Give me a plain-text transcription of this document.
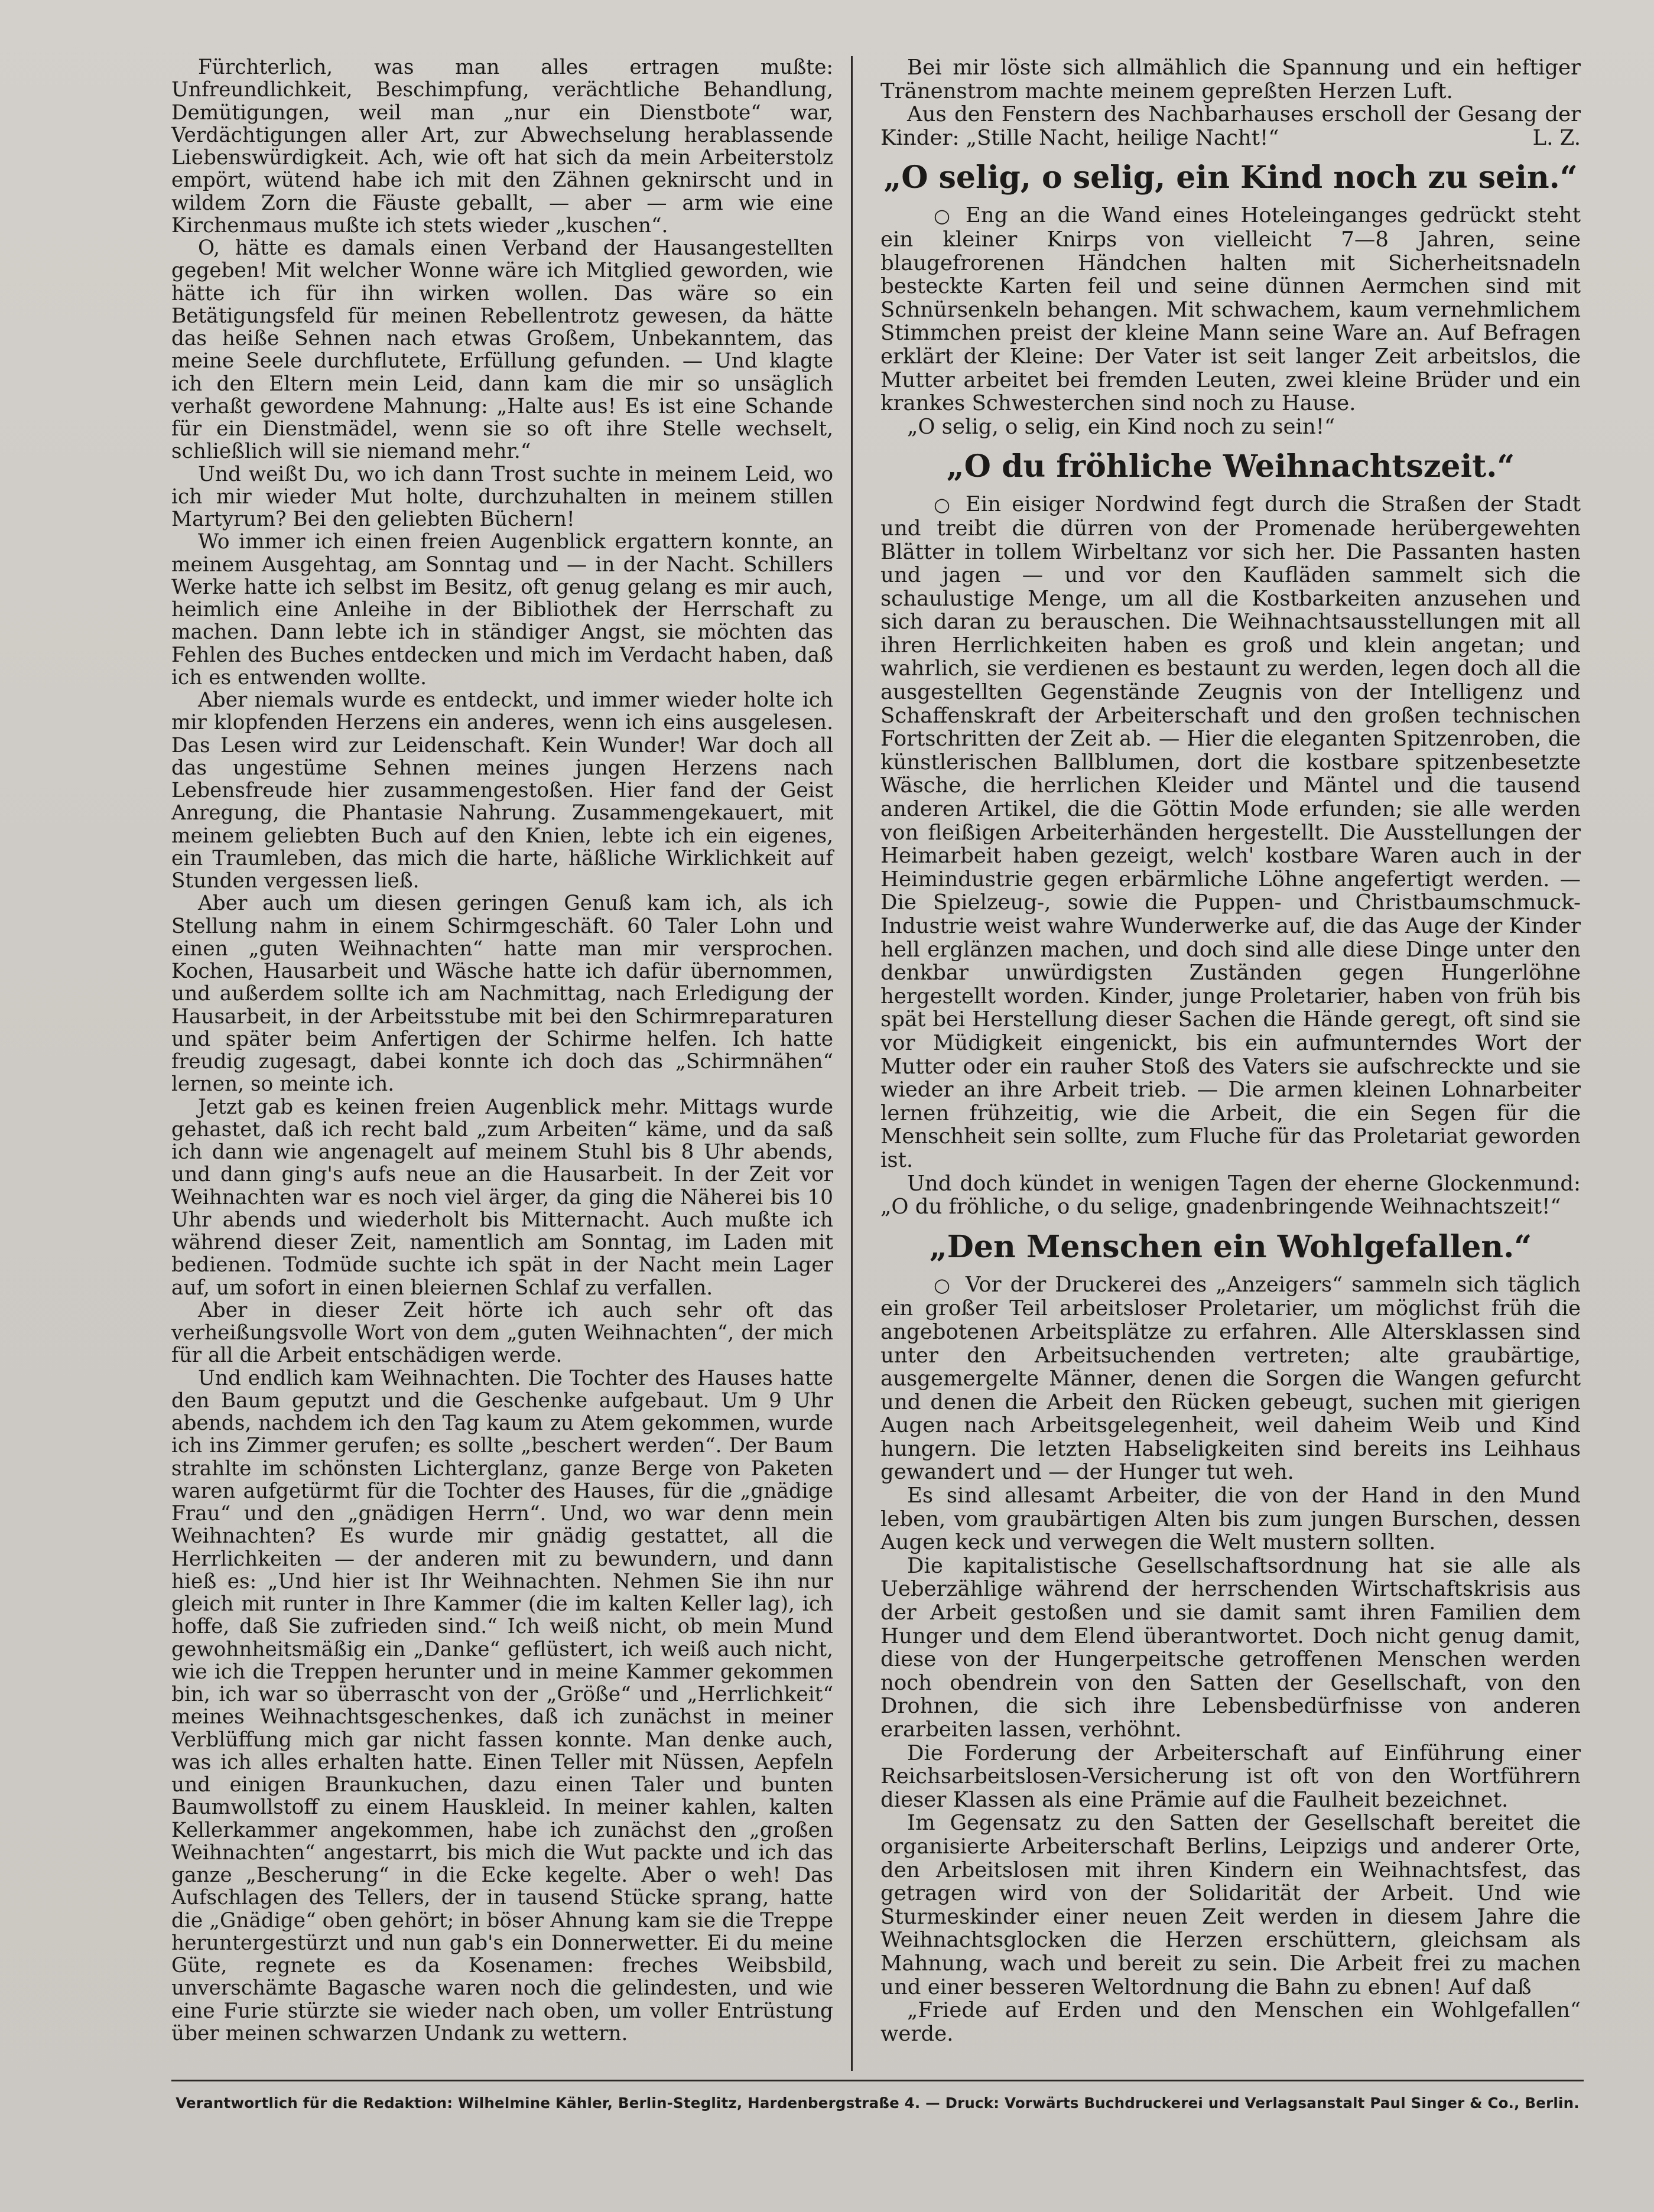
Fürchterlich, was man alles ertragen mußte: Unfreundlichkeit, Beschimpfung, verächtliche Behandlung, Demütigungen, weil man „nur ein Dienstbote“ war, Verdächtigungen aller Art, zur Abwechselung herablassende Liebenswürdigkeit. Ach, wie oft hat sich da mein Arbeiterstolz empört, wütend habe ich mit den Zähnen geknirscht und in wildem Zorn die Fäuste geballt, — aber — arm wie eine Kirchenmaus mußte ich stets wieder „kuschen“.

O, hätte es damals einen Verband der Hausangestellten gegeben! Mit welcher Wonne wäre ich Mitglied geworden, wie hätte ich für ihn wirken wollen. Das wäre so ein Betätigungsfeld für meinen Rebellentrotz gewesen, da hätte das heiße Sehnen nach etwas Großem, Unbekanntem, das meine Seele durchflutete, Erfüllung gefunden. — Und klagte ich den Eltern mein Leid, dann kam die mir so unsäglich verhaßt gewordene Mahnung: „Halte aus! Es ist eine Schande für ein Dienstmädel, wenn sie so oft ihre Stelle wechselt, schließlich will sie niemand mehr.“

Und weißt Du, wo ich dann Trost suchte in meinem Leid, wo ich mir wieder Mut holte, durchzuhalten in meinem stillen Martyrum? Bei den geliebten Büchern!

Wo immer ich einen freien Augenblick ergattern konnte, an meinem Ausgehtag, am Sonntag und — in der Nacht. Schillers Werke hatte ich selbst im Besitz, oft genug gelang es mir auch, heimlich eine Anleihe in der Bibliothek der Herrschaft zu machen. Dann lebte ich in ständiger Angst, sie möchten das Fehlen des Buches entdecken und mich im Verdacht haben, daß ich es entwenden wollte.

Aber niemals wurde es entdeckt, und immer wieder holte ich mir klopfenden Herzens ein anderes, wenn ich eins ausgelesen. Das Lesen wird zur Leidenschaft. Kein Wunder! War doch all das ungestüme Sehnen meines jungen Herzens nach Lebensfreude hier zusammengestoßen. Hier fand der Geist Anregung, die Phantasie Nahrung. Zusammengekauert, mit meinem geliebten Buch auf den Knien, lebte ich ein eigenes, ein Traumleben, das mich die harte, häßliche Wirklichkeit auf Stunden vergessen ließ.

Aber auch um diesen geringen Genuß kam ich, als ich Stellung nahm in einem Schirmgeschäft. 60 Taler Lohn und einen „guten Weihnachten“ hatte man mir versprochen. Kochen, Hausarbeit und Wäsche hatte ich dafür übernommen, und außerdem sollte ich am Nachmittag, nach Erledigung der Hausarbeit, in der Arbeitsstube mit bei den Schirmreparaturen und später beim Anfertigen der Schirme helfen. Ich hatte freudig zugesagt, dabei konnte ich doch das „Schirmnähen“ lernen, so meinte ich.

Jetzt gab es keinen freien Augenblick mehr. Mittags wurde gehastet, daß ich recht bald „zum Arbeiten“ käme, und da saß ich dann wie angenagelt auf meinem Stuhl bis 8 Uhr abends, und dann ging's aufs neue an die Hausarbeit. In der Zeit vor Weihnachten war es noch viel ärger, da ging die Näherei bis 10 Uhr abends und wiederholt bis Mitternacht. Auch mußte ich während dieser Zeit, namentlich am Sonntag, im Laden mit bedienen. Todmüde suchte ich spät in der Nacht mein Lager auf, um sofort in einen bleiernen Schlaf zu verfallen.

Aber in dieser Zeit hörte ich auch sehr oft das verheißungsvolle Wort von dem „guten Weihnachten“, der mich für all die Arbeit entschädigen werde.

Und endlich kam Weihnachten. Die Tochter des Hauses hatte den Baum geputzt und die Geschenke aufgebaut. Um 9 Uhr abends, nachdem ich den Tag kaum zu Atem gekommen, wurde ich ins Zimmer gerufen; es sollte „beschert werden“. Der Baum strahlte im schönsten Lichterglanz, ganze Berge von Paketen waren aufgetürmt für die Tochter des Hauses, für die „gnädige Frau“ und den „gnädigen Herrn“. Und, wo war denn mein Weihnachten? Es wurde mir gnädig gestattet, all die Herrlichkeiten — der anderen mit zu bewundern, und dann hieß es: „Und hier ist Ihr Weihnachten. Nehmen Sie ihn nur gleich mit runter in Ihre Kammer (die im kalten Keller lag), ich hoffe, daß Sie zufrieden sind.“ Ich weiß nicht, ob mein Mund gewohnheitsmäßig ein „Danke“ geflüstert, ich weiß auch nicht, wie ich die Treppen herunter und in meine Kammer gekommen bin, ich war so überrascht von der „Größe“ und „Herrlichkeit“ meines Weihnachtsgeschenkes, daß ich zunächst in meiner Verblüffung mich gar nicht fassen konnte. Man denke auch, was ich alles erhalten hatte. Einen Teller mit Nüssen, Aepfeln und einigen Braunkuchen, dazu einen Taler und bunten Baumwollstoff zu einem Hauskleid. In meiner kahlen, kalten Kellerkammer angekommen, habe ich zunächst den „großen Weihnachten“ angestarrt, bis mich die Wut packte und ich das ganze „Bescherung“ in die Ecke kegelte. Aber o weh! Das Aufschlagen des Tellers, der in tausend Stücke sprang, hatte die „Gnädige“ oben gehört; in böser Ahnung kam sie die Treppe heruntergestürzt und nun gab's ein Donnerwetter. Ei du meine Güte, regnete es da Kosenamen: freches Weibsbild, unverschämte Bagasche waren noch die gelindesten, und wie eine Furie stürzte sie wieder nach oben, um voller Entrüstung über meinen schwarzen Undank zu wettern.

Bei mir löste sich allmählich die Spannung und ein heftiger Tränenstrom machte meinem gepreßten Herzen Luft.

Aus den Fenstern des Nachbarhauses erscholl der Gesang der Kinder: „Stille Nacht, heilige Nacht!“	L. Z.

„O selig, o selig, ein Kind noch zu sein.“

○ Eng an die Wand eines Hoteleinganges gedrückt steht ein kleiner Knirps von vielleicht 7—8 Jahren, seine blaugefrorenen Händchen halten mit Sicherheitsnadeln besteckte Karten feil und seine dünnen Aermchen sind mit Schnürsenkeln behangen. Mit schwachem, kaum vernehmlichem Stimmchen preist der kleine Mann seine Ware an. Auf Befragen erklärt der Kleine: Der Vater ist seit langer Zeit arbeitslos, die Mutter arbeitet bei fremden Leuten, zwei kleine Brüder und ein krankes Schwesterchen sind noch zu Hause.

„O selig, o selig, ein Kind noch zu sein!“

„O du fröhliche Weihnachtszeit.“

○ Ein eisiger Nordwind fegt durch die Straßen der Stadt und treibt die dürren von der Promenade herübergewehten Blätter in tollem Wirbeltanz vor sich her. Die Passanten hasten und jagen — und vor den Kaufläden sammelt sich die schaulustige Menge, um all die Kostbarkeiten anzusehen und sich daran zu berauschen. Die Weihnachtsausstellungen mit all ihren Herrlichkeiten haben es groß und klein angetan; und wahrlich, sie verdienen es bestaunt zu werden, legen doch all die ausgestellten Gegenstände Zeugnis von der Intelligenz und Schaffenskraft der Arbeiterschaft und den großen technischen Fortschritten der Zeit ab. — Hier die eleganten Spitzenroben, die künstlerischen Ballblumen, dort die kostbare spitzenbesetzte Wäsche, die herrlichen Kleider und Mäntel und die tausend anderen Artikel, die die Göttin Mode erfunden; sie alle werden von fleißigen Arbeiterhänden hergestellt. Die Ausstellungen der Heimarbeit haben gezeigt, welch' kostbare Waren auch in der Heimindustrie gegen erbärmliche Löhne angefertigt werden. — Die Spielzeug-, sowie die Puppen- und Christbaumschmuck-Industrie weist wahre Wunderwerke auf, die das Auge der Kinder hell erglänzen machen, und doch sind alle diese Dinge unter den denkbar unwürdigsten Zuständen gegen Hungerlöhne hergestellt worden. Kinder, junge Proletarier, haben von früh bis spät bei Herstellung dieser Sachen die Hände geregt, oft sind sie vor Müdigkeit eingenickt, bis ein aufmunterndes Wort der Mutter oder ein rauher Stoß des Vaters sie aufschreckte und sie wieder an ihre Arbeit trieb. — Die armen kleinen Lohnarbeiter lernen frühzeitig, wie die Arbeit, die ein Segen für die Menschheit sein sollte, zum Fluche für das Proletariat geworden ist.

Und doch kündet in wenigen Tagen der eherne Glockenmund: „O du fröhliche, o du selige, gnadenbringende Weihnachtszeit!“

„Den Menschen ein Wohlgefallen.“

○ Vor der Druckerei des „Anzeigers“ sammeln sich täglich ein großer Teil arbeitsloser Proletarier, um möglichst früh die angebotenen Arbeitsplätze zu erfahren. Alle Altersklassen sind unter den Arbeitsuchenden vertreten; alte graubärtige, ausgemergelte Männer, denen die Sorgen die Wangen gefurcht und denen die Arbeit den Rücken gebeugt, suchen mit gierigen Augen nach Arbeitsgelegenheit, weil daheim Weib und Kind hungern. Die letzten Habseligkeiten sind bereits ins Leihhaus gewandert und — der Hunger tut weh.

Es sind allesamt Arbeiter, die von der Hand in den Mund leben, vom graubärtigen Alten bis zum jungen Burschen, dessen Augen keck und verwegen die Welt mustern sollten.

Die kapitalistische Gesellschaftsordnung hat sie alle als Ueberzählige während der herrschenden Wirtschaftskrisis aus der Arbeit gestoßen und sie damit samt ihren Familien dem Hunger und dem Elend überantwortet. Doch nicht genug damit, diese von der Hungerpeitsche getroffenen Menschen werden noch obendrein von den Satten der Gesellschaft, von den Drohnen, die sich ihre Lebensbedürfnisse von anderen erarbeiten lassen, verhöhnt.

Die Forderung der Arbeiterschaft auf Einführung einer Reichsarbeitslosen-Versicherung ist oft von den Wortführern dieser Klassen als eine Prämie auf die Faulheit bezeichnet.

Im Gegensatz zu den Satten der Gesellschaft bereitet die organisierte Arbeiterschaft Berlins, Leipzigs und anderer Orte, den Arbeitslosen mit ihren Kindern ein Weihnachtsfest, das getragen wird von der Solidarität der Arbeit. Und wie Sturmeskinder einer neuen Zeit werden in diesem Jahre die Weihnachtsglocken die Herzen erschüttern, gleichsam als Mahnung, wach und bereit zu sein. Die Arbeit frei zu machen und einer besseren Weltordnung die Bahn zu ebnen! Auf daß

„Friede auf Erden und den Menschen ein Wohlgefallen“ werde.

Verantwortlich für die Redaktion: Wilhelmine Kähler, Berlin-Steglitz, Hardenbergstraße 4. — Druck: Vorwärts Buchdruckerei und Verlagsanstalt Paul Singer & Co., Berlin.
